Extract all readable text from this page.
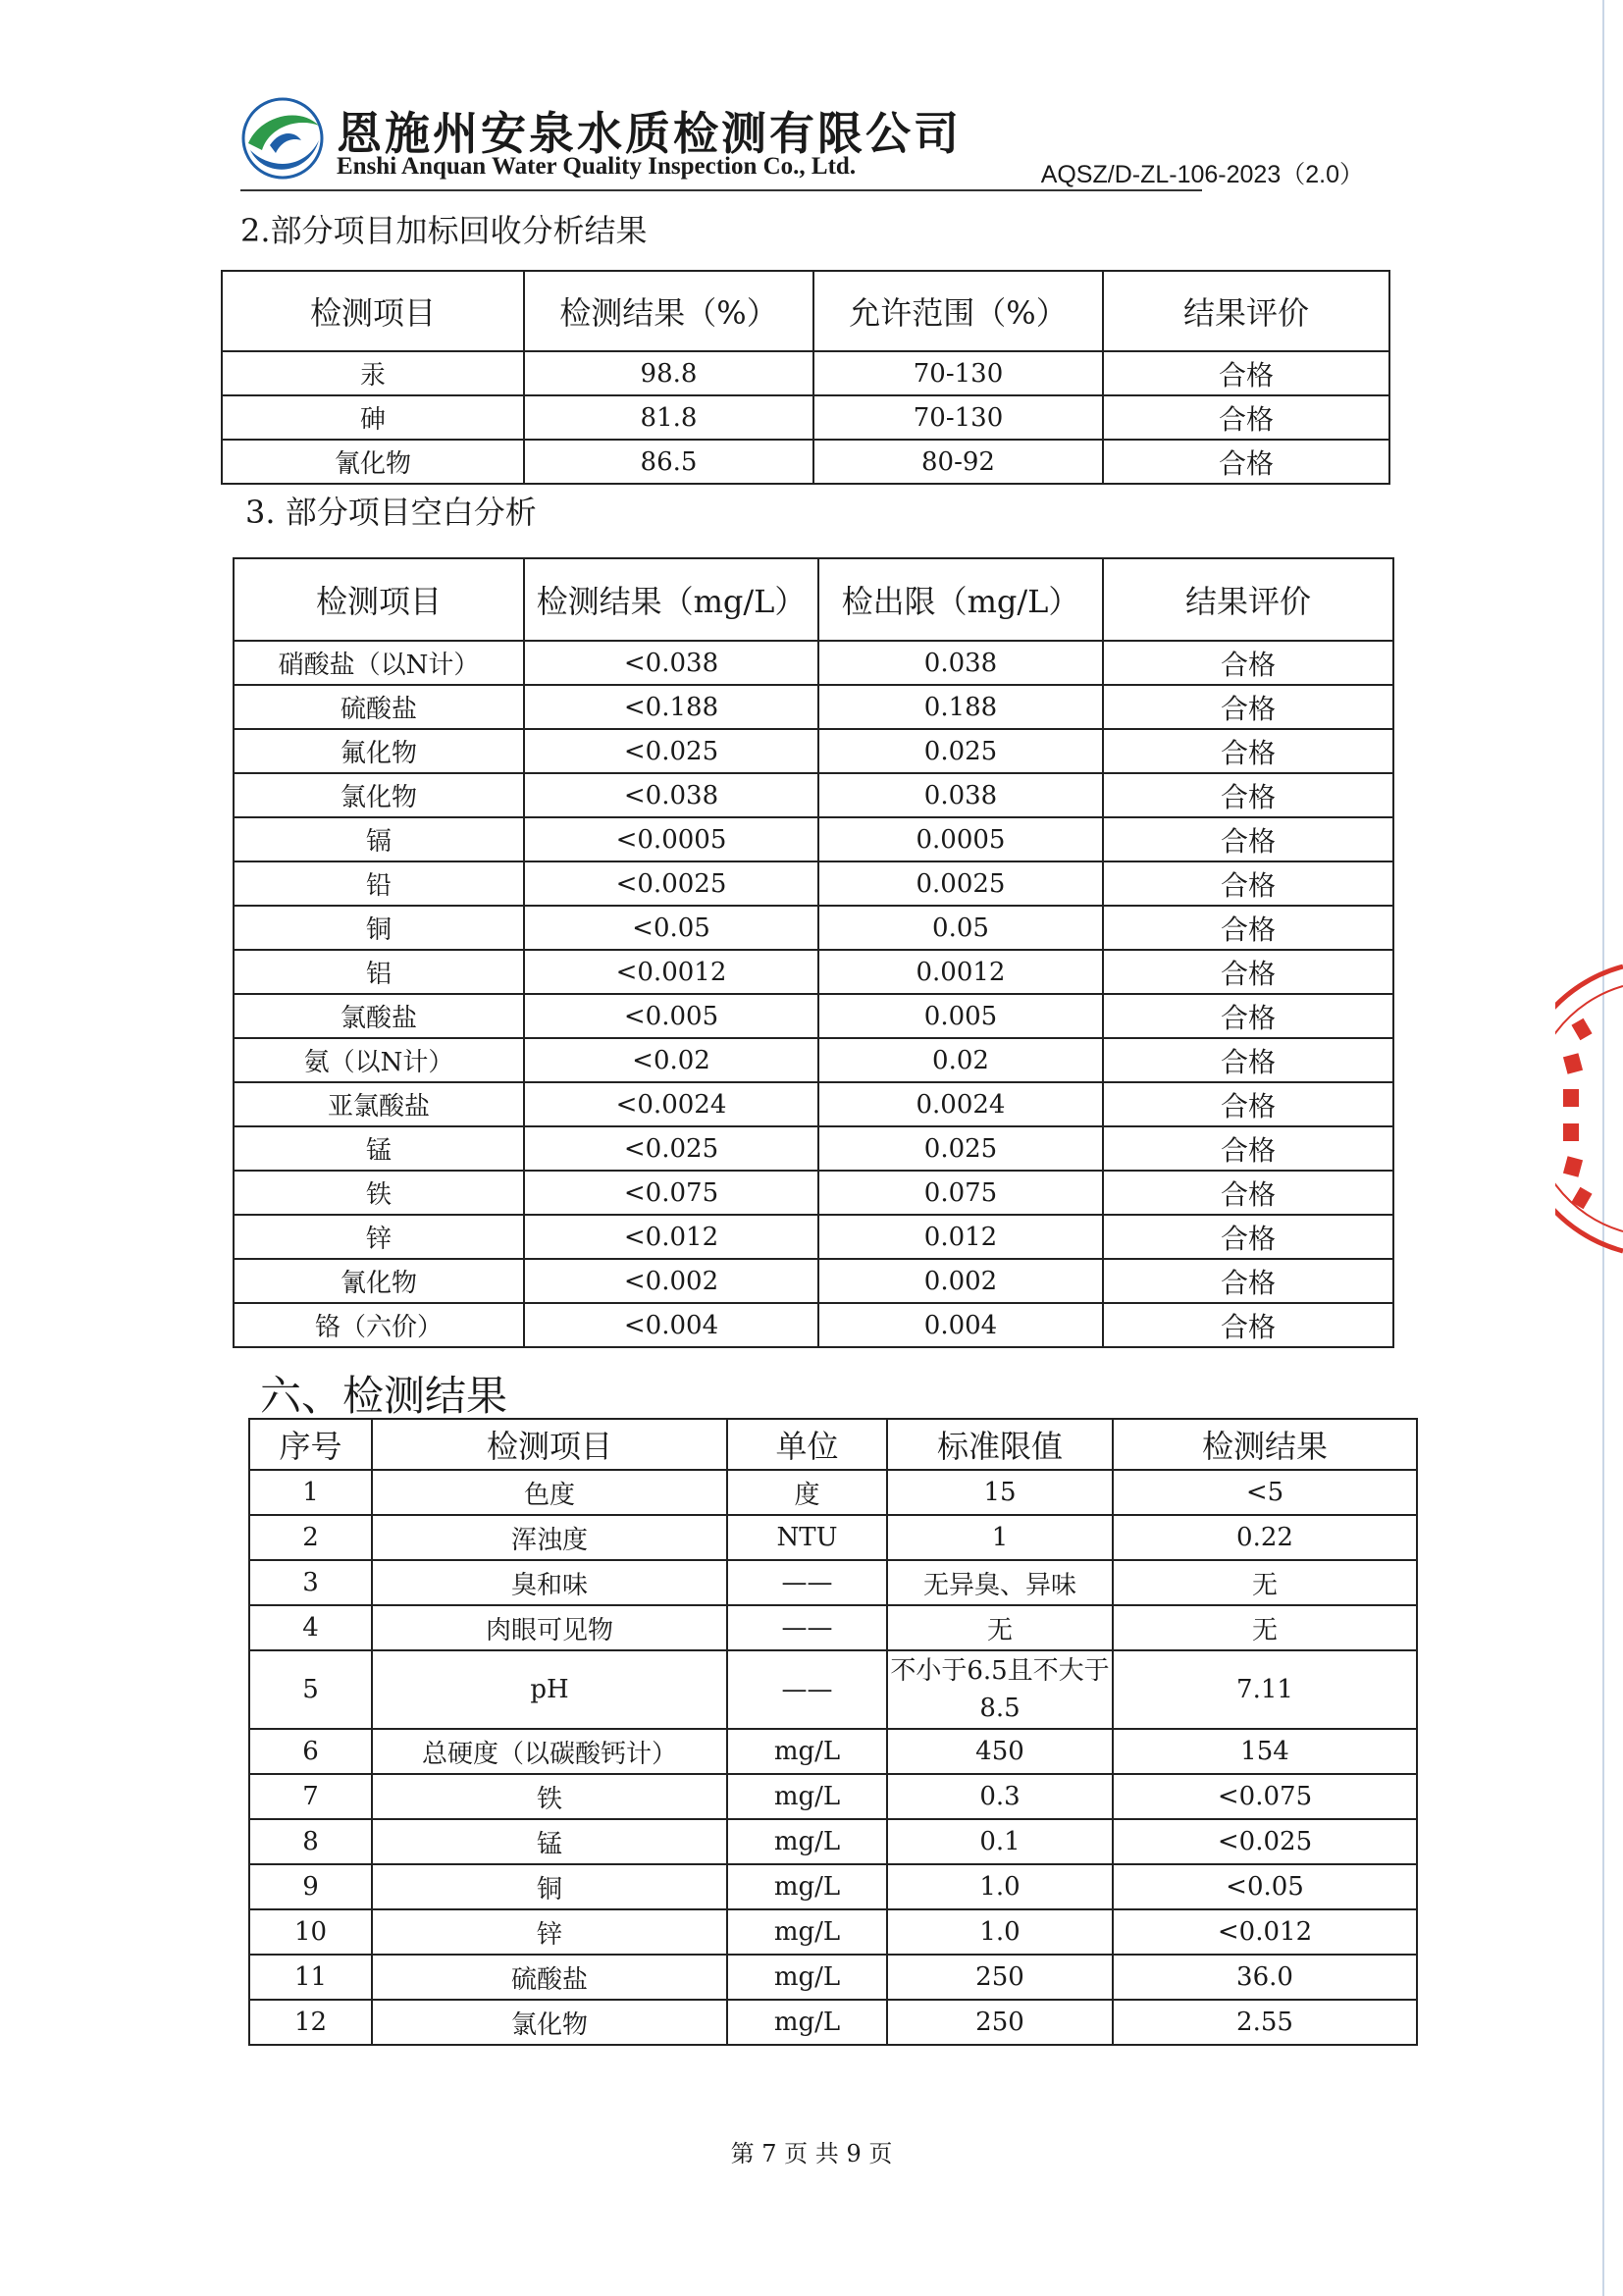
恩施州安泉水质检测有限公司
Enshi Anquan Water Quality Inspection Co., Ltd.	AQSZ/D-ZL-106-2023（2.0）
2.部分项目加标回收分析结果
检测项目	检测结果（%）	允许范围（%）	结果评价
汞	98.8	70-130	合格
砷	81.8	70-130	合格
氰化物	86.5	80-92	合格
3. 部分项目空白分析
检测项目	检测结果（mg/L）	检出限（mg/L）	结果评价
硝酸盐（以N计）	<0.038	0.038	合格
硫酸盐	<0.188	0.188	合格
氟化物	<0.025	0.025	合格
氯化物	<0.038	0.038	合格
镉	<0.0005	0.0005	合格
铅	<0.0025	0.0025	合格
铜	<0.05	0.05	合格
铝	<0.0012	0.0012	合格
氯酸盐	<0.005	0.005	合格
氨（以N计）	<0.02	0.02	合格
亚氯酸盐	<0.0024	0.0024	合格
锰	<0.025	0.025	合格
铁	<0.075	0.075	合格
锌	<0.012	0.012	合格
氰化物	<0.002	0.002	合格
铬（六价）	<0.004	0.004	合格
六、检测结果
序号	检测项目	单位	标准限值	检测结果
1	色度	度	15	<5
2	浑浊度	NTU	1	0.22
3	臭和味	——	无异臭、异味	无
4	肉眼可见物	——	无	无
5	pH	——	不小于6.5且不大于8.5	7.11
6	总硬度（以碳酸钙计）	mg/L	450	154
7	铁	mg/L	0.3	<0.075
8	锰	mg/L	0.1	<0.025
9	铜	mg/L	1.0	<0.05
10	锌	mg/L	1.0	<0.012
11	硫酸盐	mg/L	250	36.0
12	氯化物	mg/L	250	2.55
第 7 页 共 9 页
